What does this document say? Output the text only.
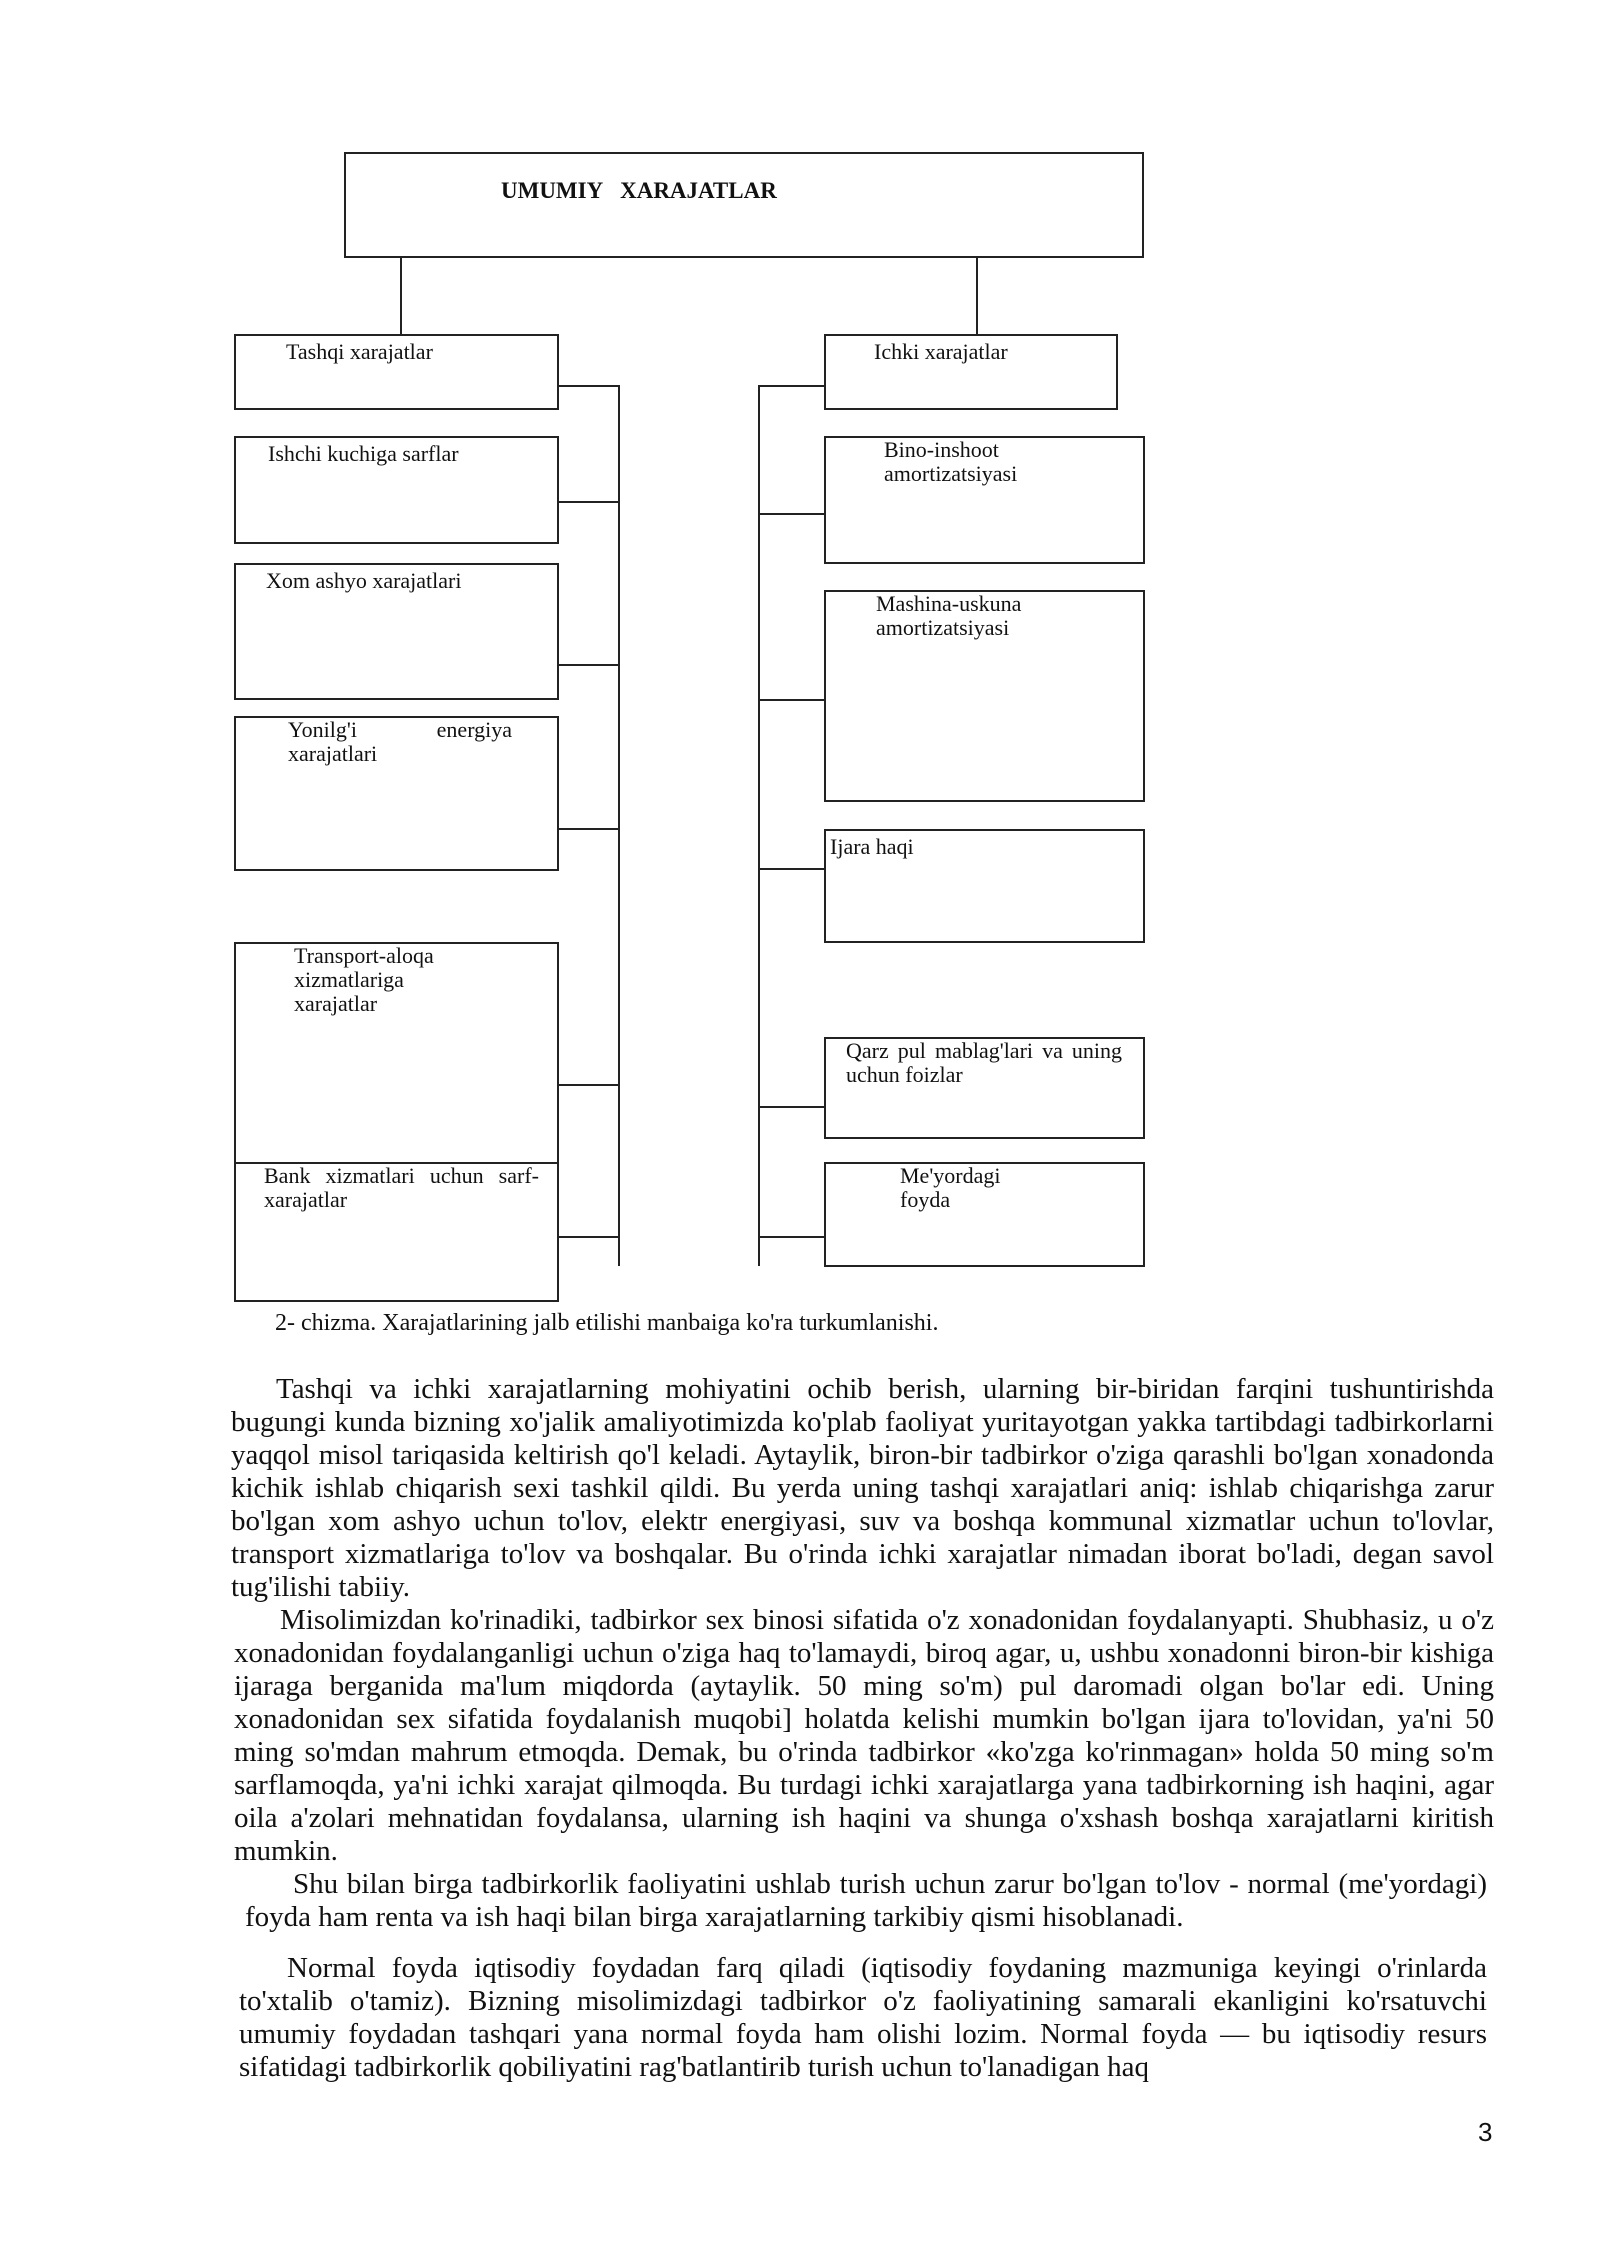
UMUMIY XARAJATLAR
Tashqi xarajatlar	Ichki xarajatlar
Ishchi kuchiga sarflar
Xom ashyo xarajatlari
Yonilg'i energiya xarajatlari
Transport-aloqa xizmatlariga xarajatlar
Bank xizmatlari uchun sarf-xarajatlar
Bino-inshoot amortizatsiyasi
Mashina-uskuna amortizatsiyasi
Ijara haqi
Qarz pul mablag'lari va uning uchun foizlar
Me'yordagi foyda
2- chizma. Xarajatlarining jalb etilishi manbaiga ko'ra turkumlanishi.

Tashqi va ichki xarajatlarning mohiyatini ochib berish, ularning bir-biridan farqini tushuntirishda bugungi kunda bizning xo'jalik amaliyotimizda ko'plab faoliyat yuritayotgan yakka tartibdagi tadbirkorlarni yaqqol misol tariqasida keltirish qo'l keladi. Aytaylik, biron-bir tadbirkor o'ziga qarashli bo'lgan xonadonda kichik ishlab chiqarish sexi tashkil qildi. Bu yerda uning tashqi xarajatlari aniq: ishlab chiqarishga zarur bo'lgan xom ashyo uchun to'lov, elektr energiyasi, suv va boshqa kommunal xizmatlar uchun to'lovlar, transport xizmatlariga to'lov va boshqalar. Bu o'rinda ichki xarajatlar nimadan iborat bo'ladi, degan savol tug'ilishi tabiiy.

Misolimizdan ko'rinadiki, tadbirkor sex binosi sifatida o'z xonadonidan foydalanyapti. Shubhasiz, u o'z xonadonidan foydalanganligi uchun o'ziga haq to'lamaydi, biroq agar, u, ushbu xonadonni biron-bir kishiga ijaraga berganida ma'lum miqdorda (aytaylik. 50 ming so'm) pul daromadi olgan bo'lar edi. Uning xonadonidan sex sifatida foydalanish muqobi] holatda kelishi mumkin bo'lgan ijara to'lovidan, ya'ni 50 ming so'mdan mahrum etmoqda. Demak, bu o'rinda tadbirkor «ko'zga ko'rinmagan» holda 50 ming so'm sarflamoqda, ya'ni ichki xarajat qilmoqda. Bu turdagi ichki xarajatlarga yana tadbirkorning ish haqini, agar oila a'zolari mehnatidan foydalansa, ularning ish haqini va shunga o'xshash boshqa xarajatlarni kiritish mumkin.

Shu bilan birga tadbirkorlik faoliyatini ushlab turish uchun zarur bo'lgan to'lov - normal (me'yordagi) foyda ham renta va ish haqi bilan birga xarajatlarning tarkibiy qismi hisoblanadi.

Normal foyda iqtisodiy foydadan farq qiladi (iqtisodiy foydaning mazmuniga keyingi o'rinlarda to'xtalib o'tamiz). Bizning misolimizdagi tadbirkor o'z faoliyatining samarali ekanligini ko'rsatuvchi umumiy foydadan tashqari yana normal foyda ham olishi lozim. Normal foyda — bu iqtisodiy resurs sifatidagi tadbirkorlik qobiliyatini rag'batlantirib turish uchun to'lanadigan haq

3
